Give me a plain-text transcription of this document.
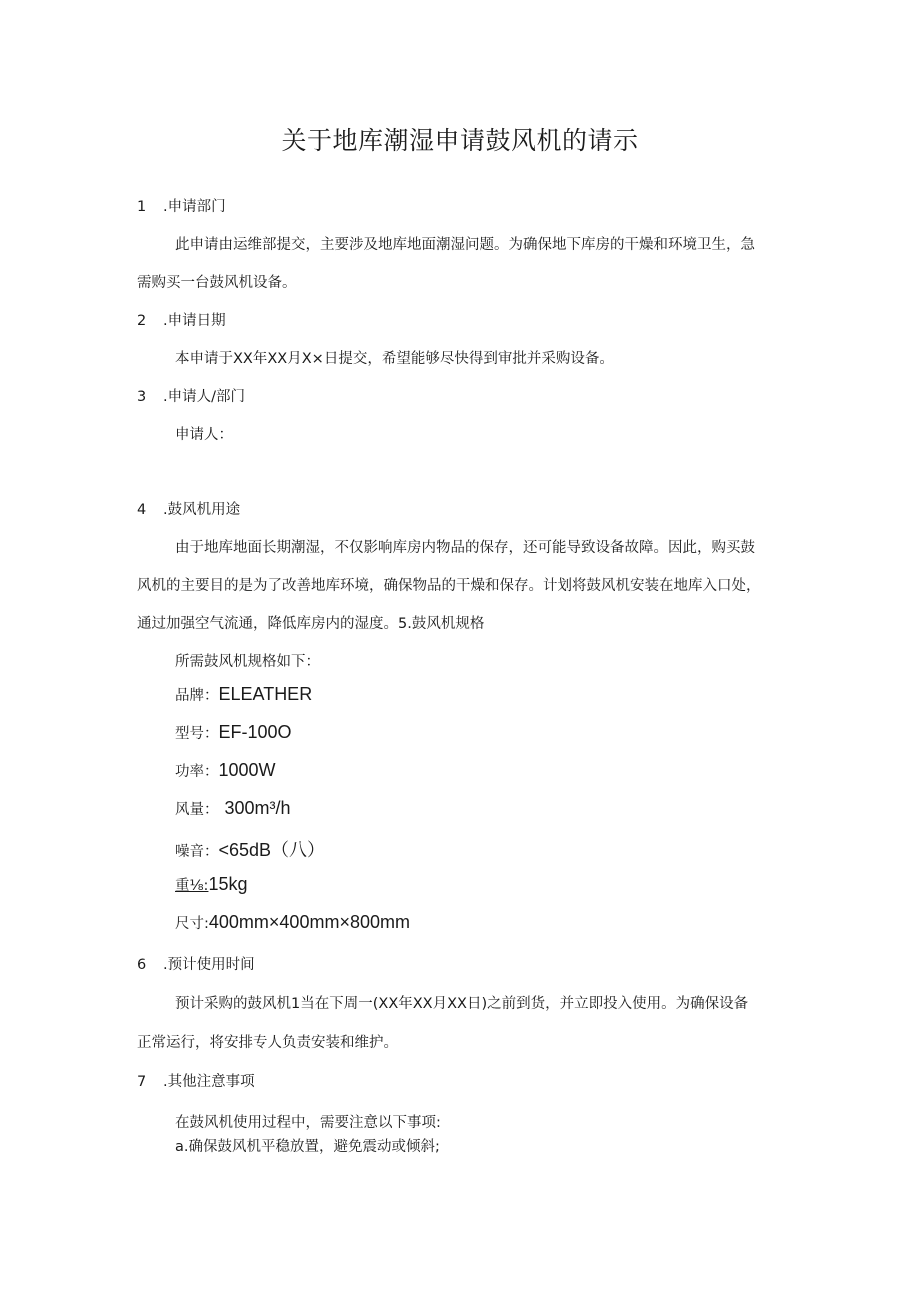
关于地库潮湿申请鼓风机的请示
1 .申请部门
此申请由运维部提交，主要涉及地库地面潮湿问题。为确保地下库房的干燥和环境卫生，急
需购买一台鼓风机设备。
2 .申请日期
本申请于XX年XX月X×日提交，希望能够尽快得到审批并采购设备。
3 .申请人/部门
申请人：
4 .鼓风机用途
由于地库地面长期潮湿，不仅影响库房内物品的保存，还可能导致设备故障。因此，购买鼓
风机的主要目的是为了改善地库环境，确保物品的干燥和保存。计划将鼓风机安装在地库入口处，
通过加强空气流通，降低库房内的湿度。5.鼓风机规格
所需鼓风机规格如下：
品牌：ELEATHER
型号：EF-100O
功率：1000W
风量： 300m³/h
噪音：<65dB（八）
重⅛:15kg
尺寸:400mm×400mm×800mm
6 .预计使用时间
预计采购的鼓风机1当在下周一(XX年XX月XX日)之前到货，并立即投入使用。为确保设备
正常运行，将安排专人负责安装和维护。
7 .其他注意事项
在鼓风机使用过程中，需要注意以下事项:
a.确保鼓风机平稳放置，避免震动或倾斜;
